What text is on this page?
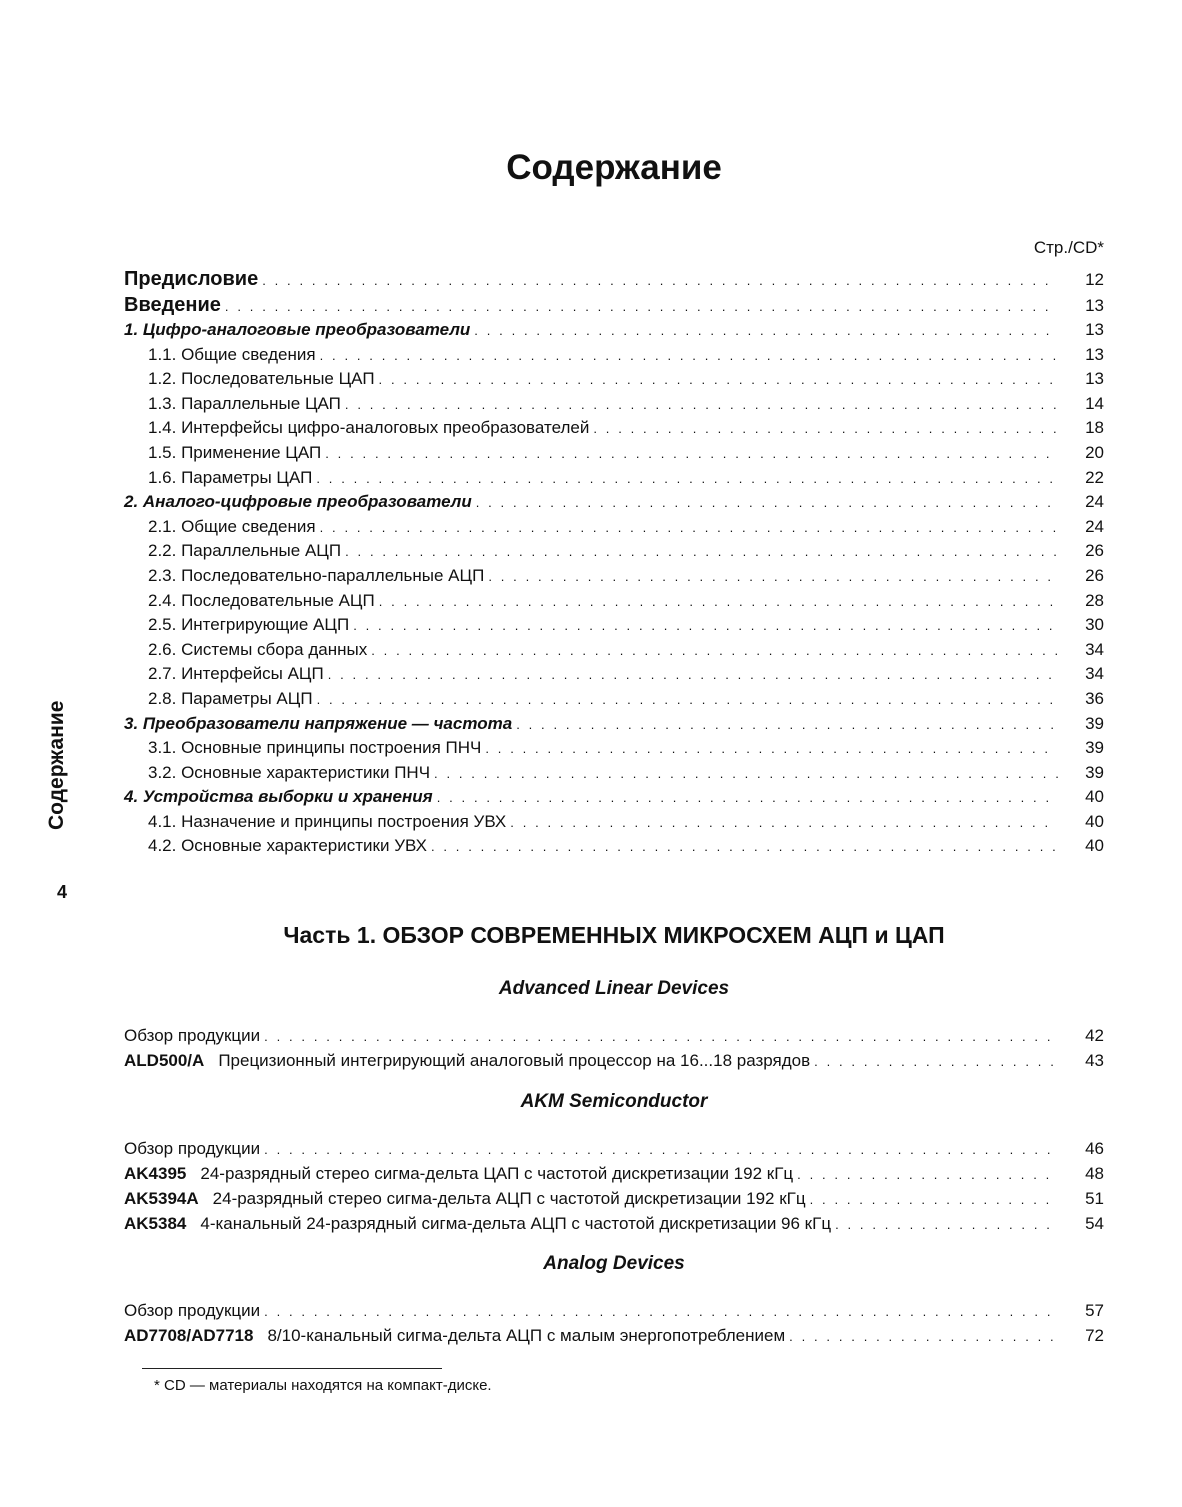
Содержание
Стр./CD*
Содержание
4
Предисловие . . .	12
Введение . . .	13
1. Цифро-аналоговые преобразователи . . .	13
1.1. Общие сведения . . .	13
1.2. Последовательные ЦАП . . .	13
1.3. Параллельные ЦАП . . .	14
1.4. Интерфейсы цифро-аналоговых преобразователей . . .	18
1.5. Применение ЦАП . . .	20
1.6. Параметры ЦАП . . .	22
2. Аналого-цифровые преобразователи . . .	24
2.1. Общие сведения . . .	24
2.2. Параллельные АЦП . . .	26
2.3. Последовательно-параллельные АЦП . . .	26
2.4. Последовательные АЦП . . .	28
2.5. Интегрирующие АЦП . . .	30
2.6. Системы сбора данных . . .	34
2.7. Интерфейсы АЦП . . .	34
2.8. Параметры АЦП . . .	36
3. Преобразователи напряжение — частота . . .	39
3.1. Основные принципы построения ПНЧ . . .	39
3.2. Основные характеристики ПНЧ . . .	39
4. Устройства выборки и хранения . . .	40
4.1. Назначение и принципы построения УВХ . . .	40
4.2. Основные характеристики УВХ . . .	40
Часть 1. ОБЗОР СОВРЕМЕННЫХ МИКРОСХЕМ АЦП и ЦАП
Advanced Linear Devices
Обзор продукции . . .	42
ALD500/A Прецизионный интегрирующий аналоговый процессор на 16...18 разрядов . . .	43
AKM Semiconductor
Обзор продукции . . .	46
AK4395 24-разрядный стерео сигма-дельта ЦАП с частотой дискретизации 192 кГц . . .	48
AK5394A 24-разрядный стерео сигма-дельта АЦП с частотой дискретизации 192 кГц . . .	51
AK5384 4-канальный 24-разрядный сигма-дельта АЦП с частотой дискретизации 96 кГц . . .	54
Analog Devices
Обзор продукции . . .	57
AD7708/AD7718 8/10-канальный сигма-дельта АЦП с малым энергопотреблением . . .	72
* CD — материалы находятся на компакт-диске.
